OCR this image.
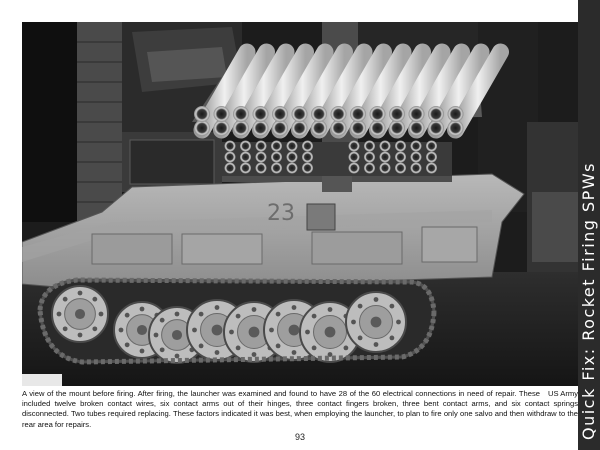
23

US Army
A view of the mount before firing. After firing, the launcher was examined and found to have 28 of the 60 electrical connections in need of repair. These included twelve broken contact wires, six contact arms out of their hinges, three contact fingers broken, three bent contact arms, and six contact springs disconnected. Two tubes required replacing. These factors indicated it was best, when employing the launcher, to plan to fire only one salvo and then withdraw to the rear area for repairs.	Quick Fix: Rocket Firing SPWs
93
